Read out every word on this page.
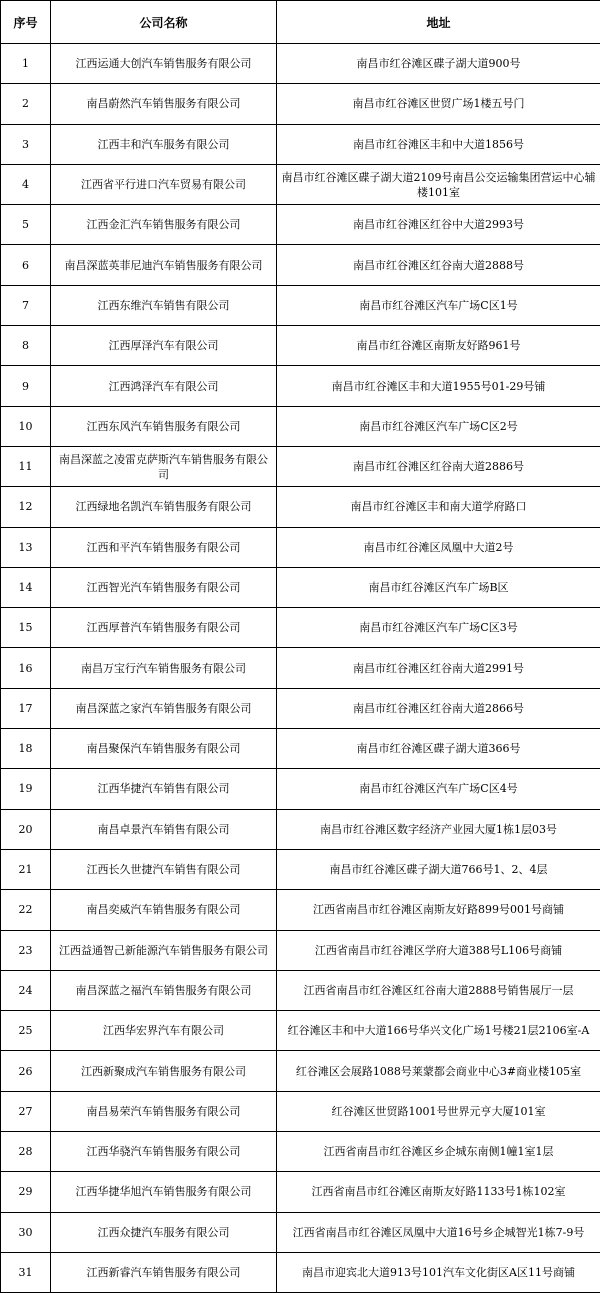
序号	公司名称	地址
1	江西运通大创汽车销售服务有限公司	南昌市红谷滩区碟子湖大道900号
2	南昌蔚然汽车销售服务有限公司	南昌市红谷滩区世贸广场1楼五号门
3	江西丰和汽车服务有限公司	南昌市红谷滩区丰和中大道1856号
4	江西省平行进口汽车贸易有限公司	南昌市红谷滩区碟子湖大道2109号南昌公交运输集团营运中心辅楼101室
5	江西金汇汽车销售服务有限公司	南昌市红谷滩区红谷中大道2993号
6	南昌深蓝英菲尼迪汽车销售服务有限公司	南昌市红谷滩区红谷南大道2888号
7	江西东维汽车销售有限公司	南昌市红谷滩区汽车广场C区1号
8	江西厚泽汽车有限公司	南昌市红谷滩区南斯友好路961号
9	江西鸿泽汽车有限公司	南昌市红谷滩区丰和大道1955号01-29号铺
10	江西东风汽车销售服务有限公司	南昌市红谷滩区汽车广场C区2号
11	南昌深蓝之凌雷克萨斯汽车销售服务有限公司	南昌市红谷滩区红谷南大道2886号
12	江西绿地名凯汽车销售服务有限公司	南昌市红谷滩区丰和南大道学府路口
13	江西和平汽车销售服务有限公司	南昌市红谷滩区凤凰中大道2号
14	江西智光汽车销售服务有限公司	南昌市红谷滩区汽车广场B区
15	江西厚普汽车销售服务有限公司	南昌市红谷滩区汽车广场C区3号
16	南昌万宝行汽车销售服务有限公司	南昌市红谷滩区红谷南大道2991号
17	南昌深蓝之家汽车销售服务有限公司	南昌市红谷滩区红谷南大道2866号
18	南昌聚保汽车销售服务有限公司	南昌市红谷滩区碟子湖大道366号
19	江西华捷汽车销售有限公司	南昌市红谷滩区汽车广场C区4号
20	南昌卓景汽车销售有限公司	南昌市红谷滩区数字经济产业园大厦1栋1层03号
21	江西长久世捷汽车销售有限公司	南昌市红谷滩区碟子湖大道766号1、2、4层
22	南昌奕威汽车销售服务有限公司	江西省南昌市红谷滩区南斯友好路899号001号商铺
23	江西益通智己新能源汽车销售服务有限公司	江西省南昌市红谷滩区学府大道388号L106号商铺
24	南昌深蓝之福汽车销售服务有限公司	江西省南昌市红谷滩区红谷南大道2888号销售展厅一层
25	江西华宏界汽车有限公司	红谷滩区丰和中大道166号华兴文化广场1号楼21层2106室-A
26	江西新聚成汽车销售服务有限公司	红谷滩区会展路1088号莱蒙都会商业中心3#商业楼105室
27	南昌易荣汽车销售服务有限公司	红谷滩区世贸路1001号世界元亨大厦101室
28	江西华骁汽车销售服务有限公司	江西省南昌市红谷滩区乡企城东南侧1幢1室1层
29	江西华捷华旭汽车销售服务有限公司	江西省南昌市红谷滩区南斯友好路1133号1栋102室
30	江西众捷汽车服务有限公司	江西省南昌市红谷滩区凤凰中大道16号乡企城智光1栋7-9号
31	江西新睿汽车销售服务有限公司	南昌市迎宾北大道913号101汽车文化街区A区11号商铺
